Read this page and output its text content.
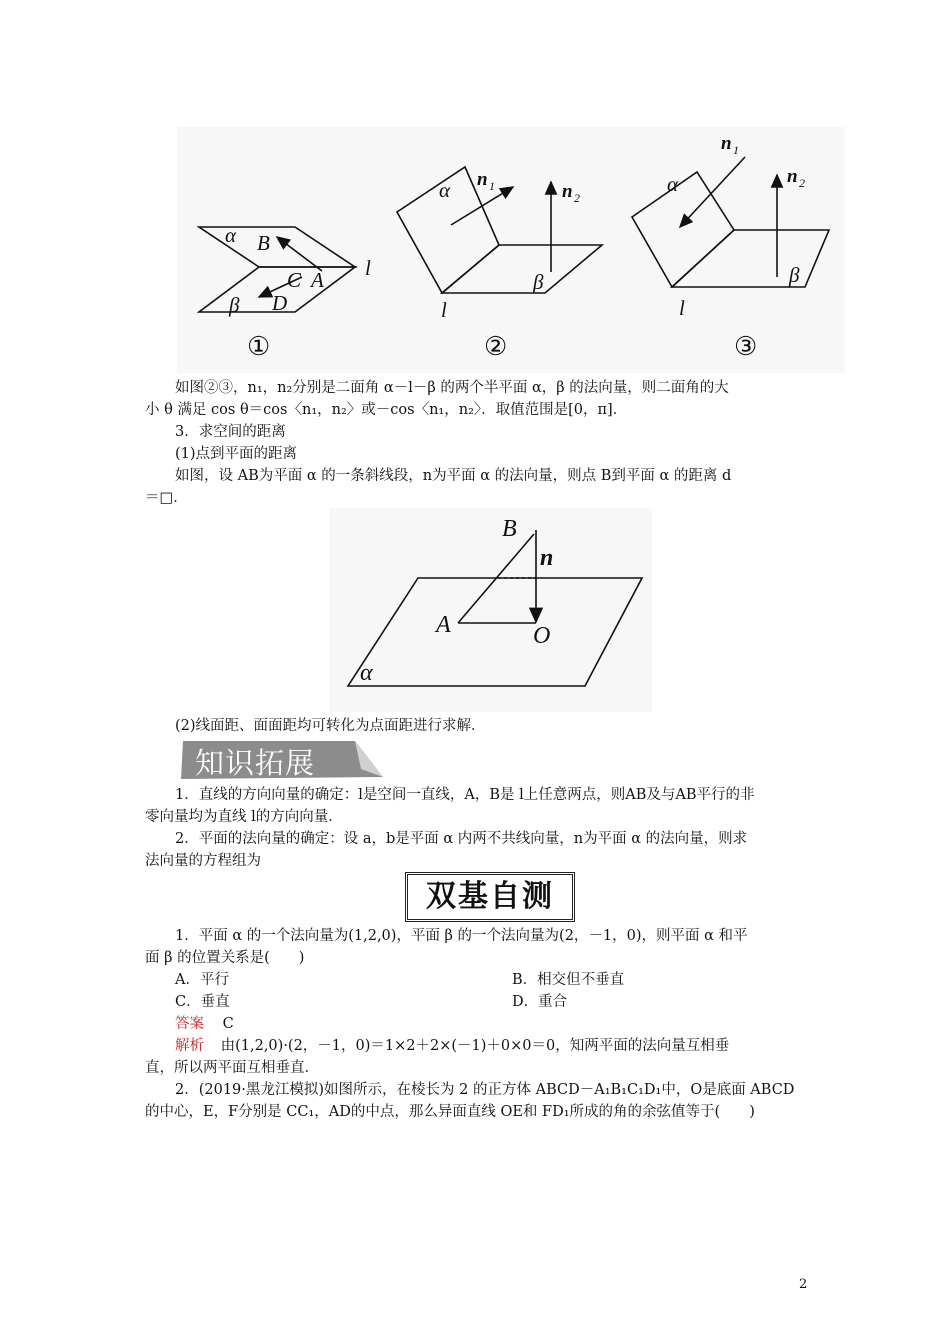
α B
C A
D
β
l
α
β
l
α
β
l
n 1	n 2
n 1
n 2
①	②	③
如图②③，n₁，n₂分别是二面角 α－l－β 的两个半平面 α，β 的法向量，则二面角的大
小 θ 满足 cos θ＝cos〈n₁，n₂〉或－cos〈n₁，n₂〉．取值范围是[0，π]．
3．求空间的距离
(1)点到平面的距离
如图，设 AB为平面 α 的一条斜线段，n为平面 α 的法向量，则点 B到平面 α 的距离 d
＝□．
B
n
A	O
α
(2)线面距、面面距均可转化为点面距进行求解．
知识拓展
1．直线的方向向量的确定：l是空间一直线，A，B是 l上任意两点，则AB及与AB平行的非
零向量均为直线 l的方向向量．
2．平面的法向量的确定：设 a，b是平面 α 内两不共线向量，n为平面 α 的法向量，则求
法向量的方程组为
双基自测
1．平面 α 的一个法向量为(1,2,0)，平面 β 的一个法向量为(2，－1，0)，则平面 α 和平
面 β 的位置关系是(　　)
A．平行	B．相交但不垂直
C．垂直	D．重合
答案 C
解析 由(1,2,0)·(2，－1，0)＝1×2＋2×(－1)＋0×0＝0，知两平面的法向量互相垂
直，所以两平面互相垂直．
2．(2019·黑龙江模拟)如图所示，在棱长为 2 的正方体 ABCD－A₁B₁C₁D₁中，O是底面 ABCD
的中心，E，F分别是 CC₁，AD的中点，那么异面直线 OE和 FD₁所成的角的余弦值等于(　　)
2
